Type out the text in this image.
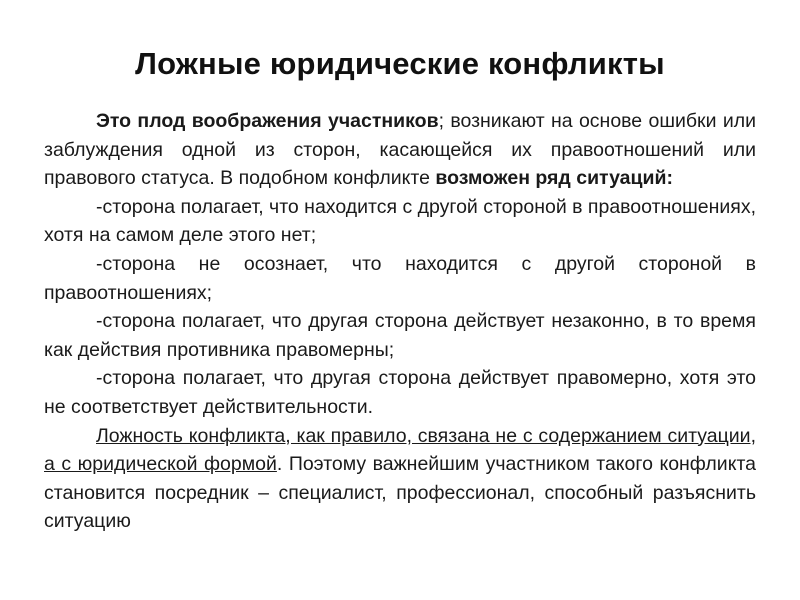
Ложные юридические конфликты

Это плод воображения участников; возникают на основе ошибки или заблуждения одной из сторон, касающейся их правоотношений или правового статуса. В подобном конфликте возможен ряд ситуаций:

-сторона полагает, что находится с другой стороной в правоотношениях, хотя на самом деле этого нет;

-сторона не осознает, что находится с другой стороной в правоотношениях;

-сторона полагает, что другая сторона действует незаконно, в то время как действия противника правомерны;

-сторона полагает, что другая сторона действует правомерно, хотя это не соответствует действительности.

Ложность конфликта, как правило, связана не с содержанием ситуации, а с юридической формой. Поэтому важнейшим участником такого конфликта становится посредник – специалист, профессионал, способный разъяснить ситуацию
